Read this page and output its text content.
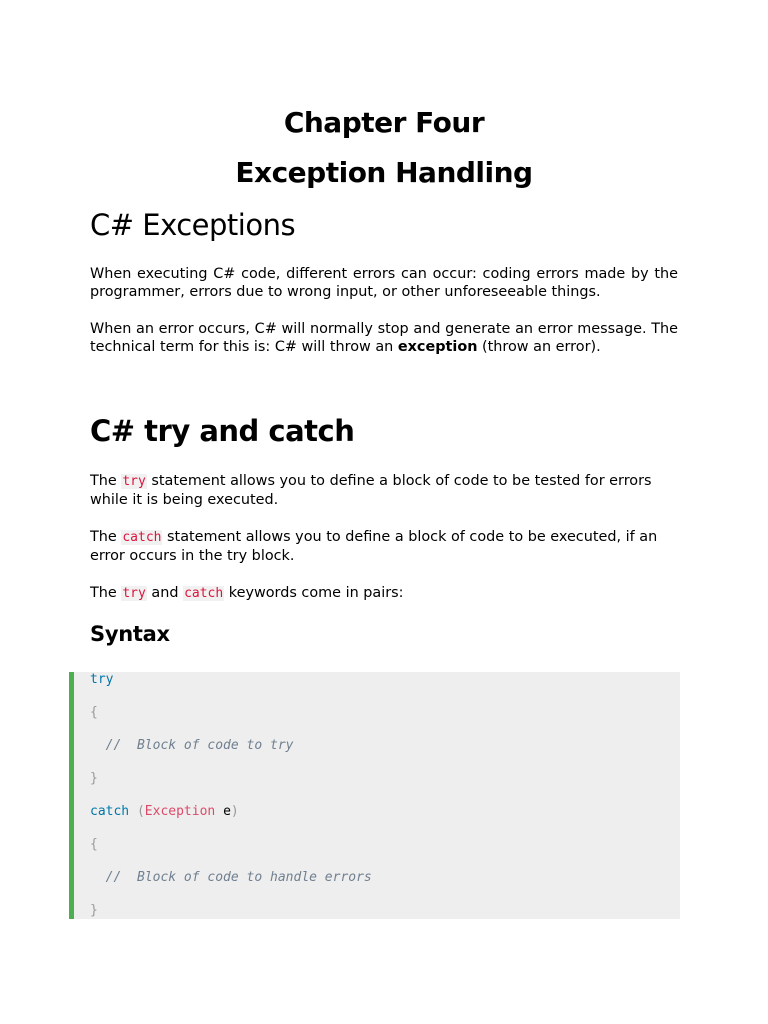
Chapter Four
Exception Handling
C# Exceptions

When executing C# code, different errors can occur: coding errors made by the programmer, errors due to wrong input, or other unforeseeable things.

When an error occurs, C# will normally stop and generate an error message. The technical term for this is: C# will throw an exception (throw an error).

C# try and catch

The try statement allows you to define a block of code to be tested for errors while it is being executed.

The catch statement allows you to define a block of code to be executed, if an error occurs in the try block.

The try and catch keywords come in pairs:

Syntax
try
{
//  Block of code to try
}
catch (Exception e)
{
//  Block of code to handle errors
}
